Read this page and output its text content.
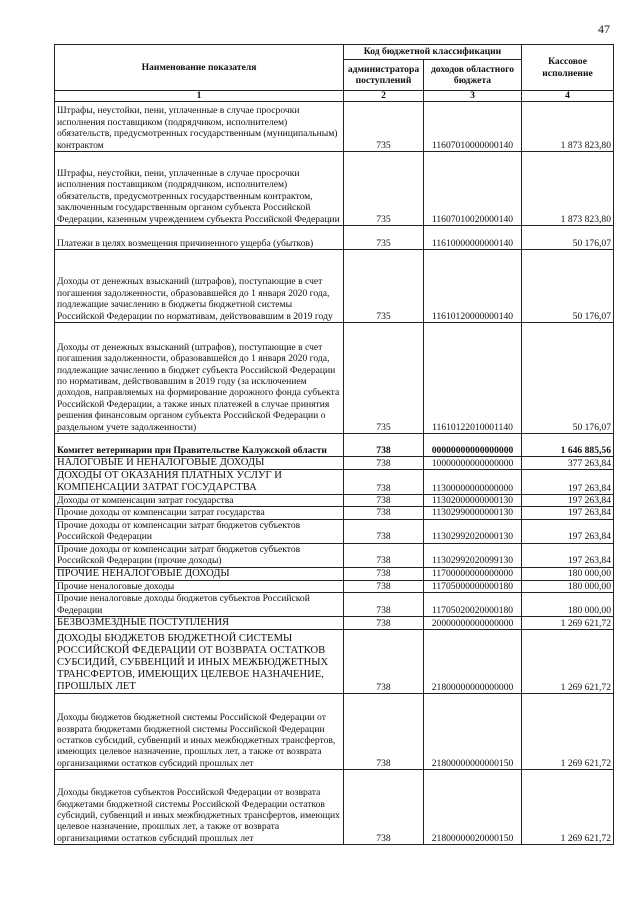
47
Наименование показателя	Код бюджетной классификации		Кассовое исполнение
	администратора поступлений	доходов областного бюджета	
1	2	3	4
Штрафы, неустойки, пени, уплаченные в случае просрочки исполнения поставщиком (подрядчиком, исполнителем) обязательств, предусмотренных государственным (муниципальным) контрактом	735	11607010000000140	1 873 823,80
Штрафы, неустойки, пени, уплаченные в случае просрочки исполнения поставщиком (подрядчиком, исполнителем) обязательств, предусмотренных государственным контрактом, заключенным государственным органом субъекта Российской Федерации, казенным учреждением субъекта Российской Федерации	735	11607010020000140	1 873 823,80
Платежи в целях возмещения причиненного ущерба (убытков)	735	11610000000000140	50 176,07
Доходы от денежных взысканий (штрафов), поступающие в счет погашения задолженности, образовавшейся до 1 января 2020 года, подлежащие зачислению в бюджеты бюджетной системы Российской Федерации по нормативам, действовавшим в 2019 году	735	11610120000000140	50 176,07
Доходы от денежных взысканий (штрафов), поступающие в счет погашения задолженности, образовавшейся до 1 января 2020 года, подлежащие зачислению в бюджет субъекта Российской Федерации по нормативам, действовавшим в 2019 году (за исключением доходов, направляемых на формирование дорожного фонда субъекта Российской Федерации, а также иных платежей в случае принятия решения финансовым органом субъекта Российской Федерации о раздельном учете задолженности)	735	11610122010001140	50 176,07
Комитет ветеринарии при Правительстве Калужской области	738	00000000000000000	1 646 885,56
НАЛОГОВЫЕ И НЕНАЛОГОВЫЕ ДОХОДЫ	738	10000000000000000	377 263,84
ДОХОДЫ ОТ ОКАЗАНИЯ ПЛАТНЫХ УСЛУГ И КОМПЕНСАЦИИ ЗАТРАТ ГОСУДАРСТВА	738	11300000000000000	197 263,84
Доходы от компенсации затрат государства	738	11302000000000130	197 263,84
Прочие доходы от компенсации затрат государства	738	11302990000000130	197 263,84
Прочие доходы от компенсации затрат бюджетов субъектов Российской Федерации	738	11302992020000130	197 263,84
Прочие доходы от компенсации затрат бюджетов субъектов Российской Федерации (прочие доходы)	738	11302992020099130	197 263,84
ПРОЧИЕ НЕНАЛОГОВЫЕ ДОХОДЫ	738	11700000000000000	180 000,00
Прочие неналоговые доходы	738	11705000000000180	180 000,00
Прочие неналоговые доходы бюджетов субъектов Российской Федерации	738	11705020020000180	180 000,00
БЕЗВОЗМЕЗДНЫЕ ПОСТУПЛЕНИЯ	738	20000000000000000	1 269 621,72
ДОХОДЫ БЮДЖЕТОВ БЮДЖЕТНОЙ СИСТЕМЫ РОССИЙСКОЙ ФЕДЕРАЦИИ ОТ ВОЗВРАТА ОСТАТКОВ СУБСИДИЙ, СУБВЕНЦИЙ И ИНЫХ МЕЖБЮДЖЕТНЫХ ТРАНСФЕРТОВ, ИМЕЮЩИХ ЦЕЛЕВОЕ НАЗНАЧЕНИЕ, ПРОШЛЫХ ЛЕТ	738	21800000000000000	1 269 621,72
Доходы бюджетов бюджетной системы Российской Федерации от возврата бюджетами бюджетной системы Российской Федерации остатков субсидий, субвенций и иных межбюджетных трансфертов, имеющих целевое назначение, прошлых лет, а также от возврата организациями остатков субсидий прошлых лет	738	21800000000000150	1 269 621,72
Доходы бюджетов субъектов Российской Федерации от возврата бюджетами бюджетной системы Российской Федерации остатков субсидий, субвенций и иных межбюджетных трансфертов, имеющих целевое назначение, прошлых лет, а также от возврата организациями остатков субсидий прошлых лет	738	21800000020000150	1 269 621,72
